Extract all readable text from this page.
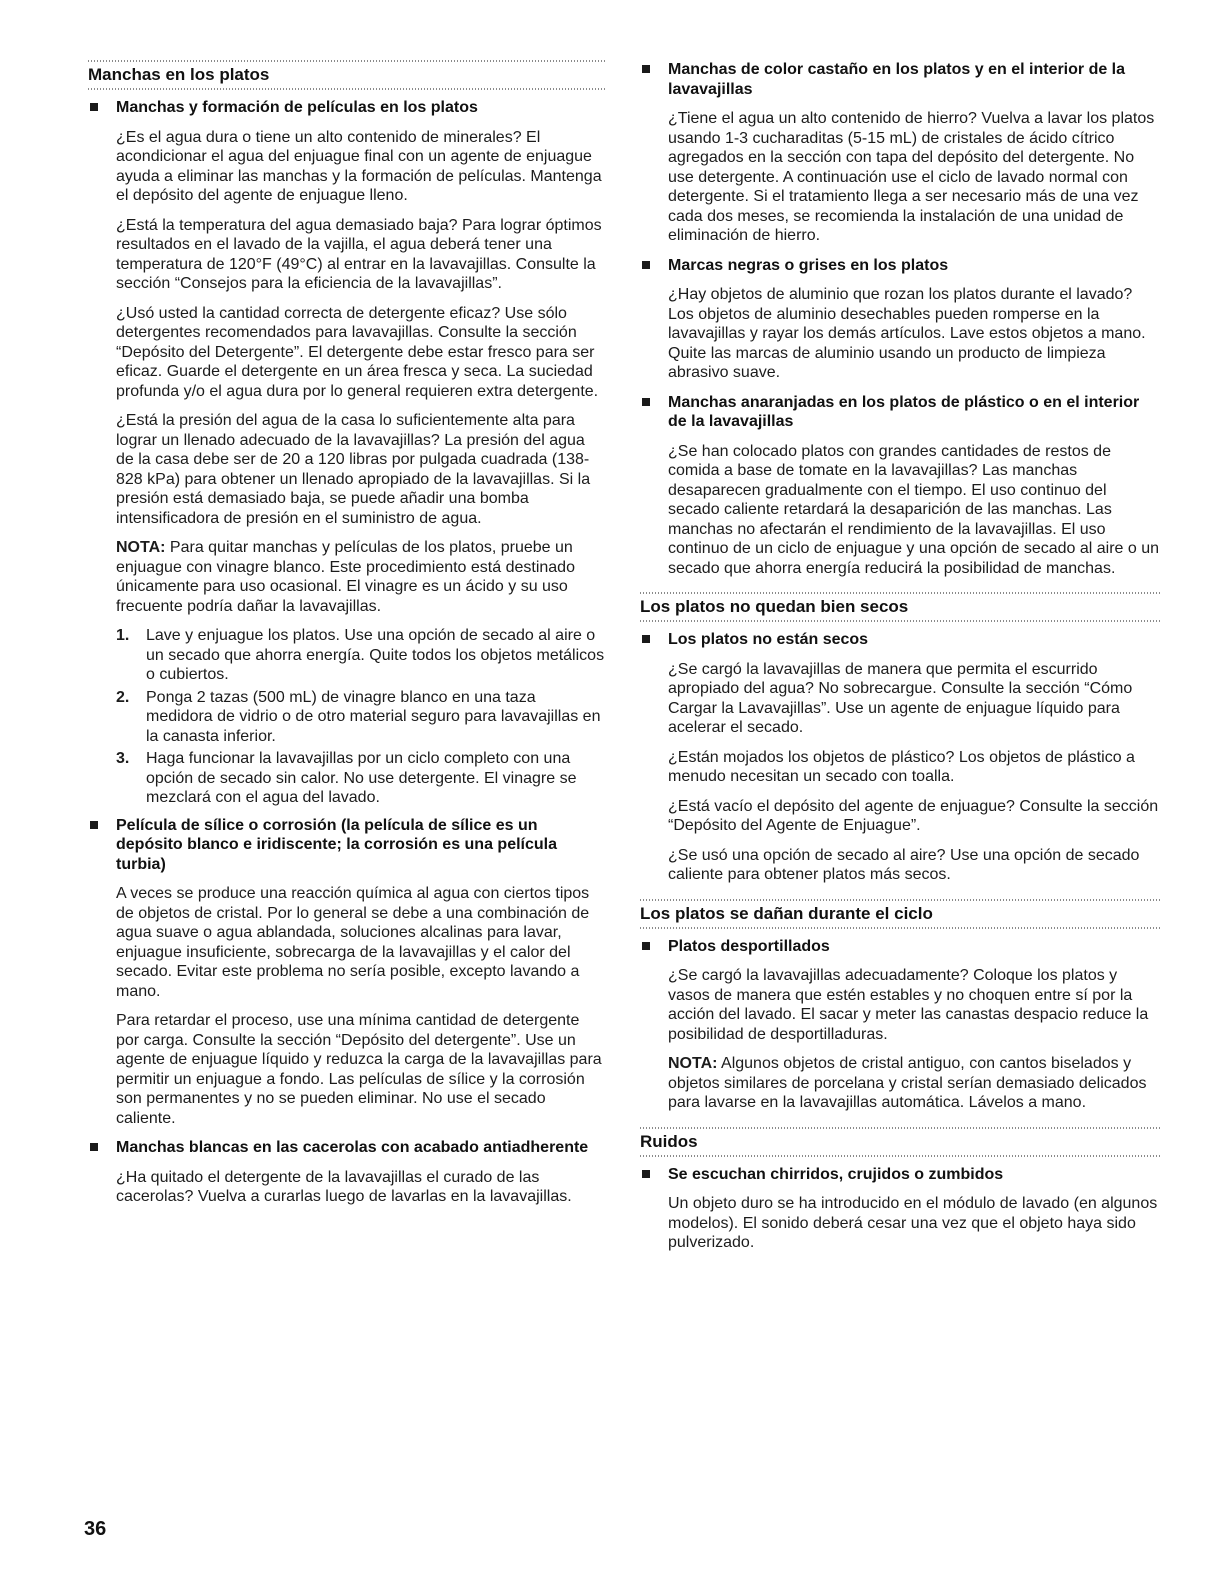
Manchas en los platos
Manchas y formación de películas en los platos

¿Es el agua dura o tiene un alto contenido de minerales? El acondicionar el agua del enjuague final con un agente de enjuague ayuda a eliminar las manchas y la formación de películas. Mantenga el depósito del agente de enjuague lleno.

¿Está la temperatura del agua demasiado baja? Para lograr óptimos resultados en el lavado de la vajilla, el agua deberá tener una temperatura de 120°F (49°C) al entrar en la lavavajillas. Consulte la sección “Consejos para la eficiencia de la lavavajillas”.

¿Usó usted la cantidad correcta de detergente eficaz? Use sólo detergentes recomendados para lavavajillas. Consulte la sección “Depósito del Detergente”. El detergente debe estar fresco para ser eficaz. Guarde el detergente en un área fresca y seca. La suciedad profunda y/o el agua dura por lo general requieren extra detergente.

¿Está la presión del agua de la casa lo suficientemente alta para lograr un llenado adecuado de la lavavajillas? La presión del agua de la casa debe ser de 20 a 120 libras por pulgada cuadrada (138-828 kPa) para obtener un llenado apropiado de la lavavajillas. Si la presión está demasiado baja, se puede añadir una bomba intensificadora de presión en el suministro de agua.

NOTA: Para quitar manchas y películas de los platos, pruebe un enjuague con vinagre blanco. Este procedimiento está destinado únicamente para uso ocasional. El vinagre es un ácido y su uso frecuente podría dañar la lavavajillas.

1. Lave y enjuague los platos. Use una opción de secado al aire o un secado que ahorra energía. Quite todos los objetos metálicos o cubiertos.
2. Ponga 2 tazas (500 mL) de vinagre blanco en una taza medidora de vidrio o de otro material seguro para lavavajillas en la canasta inferior.
3. Haga funcionar la lavavajillas por un ciclo completo con una opción de secado sin calor. No use detergente. El vinagre se mezclará con el agua del lavado.
Película de sílice o corrosión (la película de sílice es un depósito blanco e iridiscente; la corrosión es una película turbia)

A veces se produce una reacción química al agua con ciertos tipos de objetos de cristal. Por lo general se debe a una combinación de agua suave o agua ablandada, soluciones alcalinas para lavar, enjuague insuficiente, sobrecarga de la lavavajillas y el calor del secado. Evitar este problema no sería posible, excepto lavando a mano.

Para retardar el proceso, use una mínima cantidad de detergente por carga. Consulte la sección “Depósito del detergente”. Use un agente de enjuague líquido y reduzca la carga de la lavavajillas para permitir un enjuague a fondo. Las películas de sílice y la corrosión son permanentes y no se pueden eliminar. No use el secado caliente.

Manchas blancas en las cacerolas con acabado antiadherente

¿Ha quitado el detergente de la lavavajillas el curado de las cacerolas? Vuelva a curarlas luego de lavarlas en la lavavajillas.

Manchas de color castaño en los platos y en el interior de la lavavajillas

¿Tiene el agua un alto contenido de hierro? Vuelva a lavar los platos usando 1-3 cucharaditas (5-15 mL) de cristales de ácido cítrico agregados en la sección con tapa del depósito del detergente. No use detergente. A continuación use el ciclo de lavado normal con detergente. Si el tratamiento llega a ser necesario más de una vez cada dos meses, se recomienda la instalación de una unidad de eliminación de hierro.

Marcas negras o grises en los platos

¿Hay objetos de aluminio que rozan los platos durante el lavado? Los objetos de aluminio desechables pueden romperse en la lavavajillas y rayar los demás artículos. Lave estos objetos a mano. Quite las marcas de aluminio usando un producto de limpieza abrasivo suave.

Manchas anaranjadas en los platos de plástico o en el interior de la lavavajillas

¿Se han colocado platos con grandes cantidades de restos de comida a base de tomate en la lavavajillas? Las manchas desaparecen gradualmente con el tiempo. El uso continuo del secado caliente retardará la desaparición de las manchas. Las manchas no afectarán el rendimiento de la lavavajillas. El uso continuo de un ciclo de enjuague y una opción de secado al aire o un secado que ahorra energía reducirá la posibilidad de manchas.

Los platos no quedan bien secos
Los platos no están secos

¿Se cargó la lavavajillas de manera que permita el escurrido apropiado del agua? No sobrecargue. Consulte la sección “Cómo Cargar la Lavavajillas”. Use un agente de enjuague líquido para acelerar el secado.

¿Están mojados los objetos de plástico? Los objetos de plástico a menudo necesitan un secado con toalla.

¿Está vacío el depósito del agente de enjuague? Consulte la sección “Depósito del Agente de Enjuague”.

¿Se usó una opción de secado al aire? Use una opción de secado caliente para obtener platos más secos.

Los platos se dañan durante el ciclo
Platos desportillados

¿Se cargó la lavavajillas adecuadamente? Coloque los platos y vasos de manera que estén estables y no choquen entre sí por la acción del lavado. El sacar y meter las canastas despacio reduce la posibilidad de desportilladuras.

NOTA: Algunos objetos de cristal antiguo, con cantos biselados y objetos similares de porcelana y cristal serían demasiado delicados para lavarse en la lavavajillas automática. Lávelos a mano.

Ruidos
Se escuchan chirridos, crujidos o zumbidos

Un objeto duro se ha introducido en el módulo de lavado (en algunos modelos). El sonido deberá cesar una vez que el objeto haya sido pulverizado.

36
